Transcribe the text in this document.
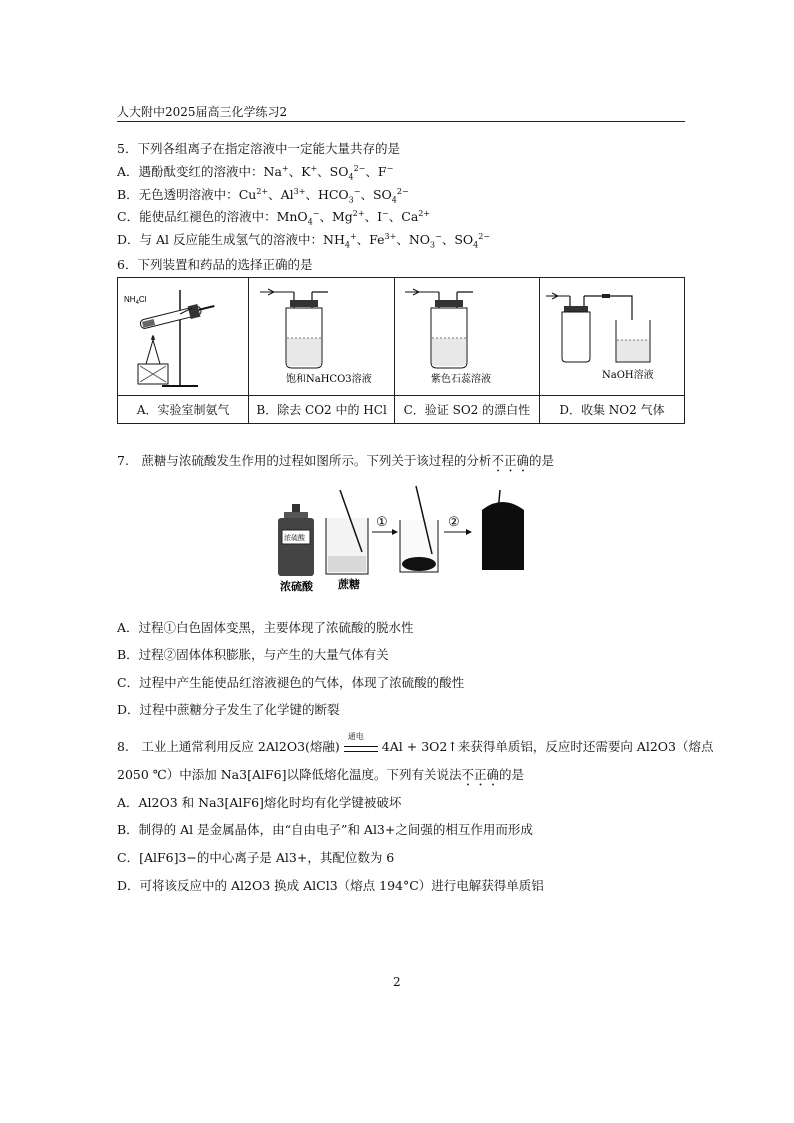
人大附中2025届高三化学练习2
5．下列各组离子在指定溶液中一定能大量共存的是
A．遇酚酞变红的溶液中：Na+、K+、$SO_4^{2-}$、F−
B．无色透明溶液中：$Cu^{2+}$、$Al^{3+}$、$HCO_3^-$、$SO_4^{2-}$
C．能使品红褪色的溶液中：MnO$_4$−、$Mg^{2+}$、I−、$Ca^{2+}$
D．与 Al 反应能生成氢气的溶液中：$NH_4^+$、$Fe^{3+}$、$NO_3^-$、$SO_4^{2-}$
6．下列装置和药品的选择正确的是
$NH_4Cl$	饱和NaHCO3溶液	紫色石蕊溶液	NaOH溶液

A．实验室制氨气	B．除去 CO2 中的 HCl	C．验证 SO2 的漂白性	D．收集 NO2 气体
7.　蔗糖与浓硫酸发生作用的过程如图所示。下列关于该过程的分析不正确的是
浓硫酸
①	②
浓硫酸 蔗糖
A．过程①白色固体变黑，主要体现了浓硫酸的脱水性
B．过程②固体体积膨胀，与产生的大量气体有关
C．过程中产生能使品红溶液褪色的气体，体现了浓硫酸的酸性
D．过程中蔗糖分子发生了化学键的断裂
8.　工业上通常利用反应 2Al2O3(熔融)
通电
4Al + 3O2↑来获得单质铝，反应时还需要向 Al2O3（熔点
2050 ℃）中添加 Na3[AlF6]以降低熔化温度。下列有关说法不正确的是
A．Al2O3 和 Na3[AlF6]熔化时均有化学键被破坏
B．制得的 Al 是金属晶体，由“自由电子”和 Al3+之间强的相互作用而形成
C．[AlF6]3−的中心离子是 Al3+，其配位数为 6
D．可将该反应中的 Al2O3 换成 AlCl3（熔点 194°C）进行电解获得单质铝
2
